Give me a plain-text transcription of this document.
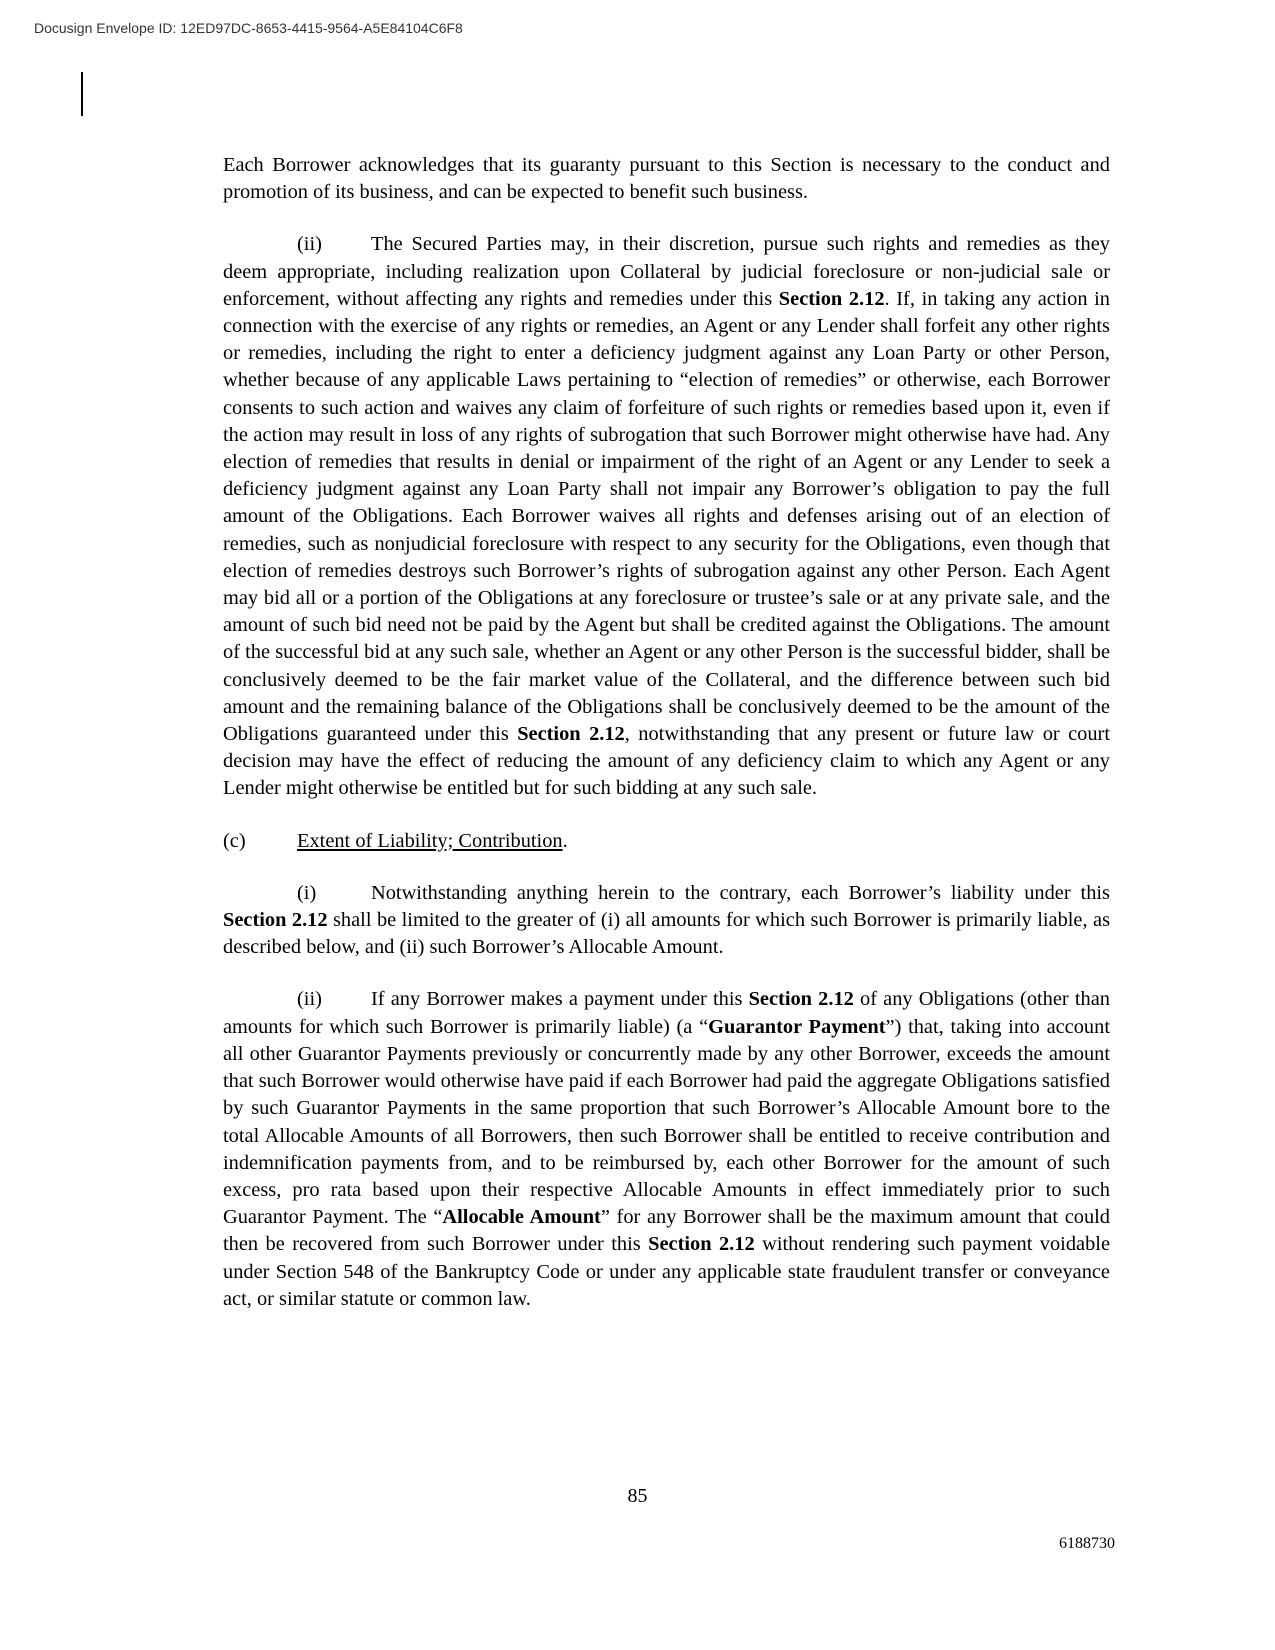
Docusign Envelope ID: 12ED97DC-8653-4415-9564-A5E84104C6F8

Each Borrower acknowledges that its guaranty pursuant to this Section is necessary to the conduct and promotion of its business, and can be expected to benefit such business.

(ii) The Secured Parties may, in their discretion, pursue such rights and remedies as they deem appropriate, including realization upon Collateral by judicial foreclosure or non-judicial sale or enforcement, without affecting any rights and remedies under this Section 2.12. If, in taking any action in connection with the exercise of any rights or remedies, an Agent or any Lender shall forfeit any other rights or remedies, including the right to enter a deficiency judgment against any Loan Party or other Person, whether because of any applicable Laws pertaining to “election of remedies” or otherwise, each Borrower consents to such action and waives any claim of forfeiture of such rights or remedies based upon it, even if the action may result in loss of any rights of subrogation that such Borrower might otherwise have had. Any election of remedies that results in denial or impairment of the right of an Agent or any Lender to seek a deficiency judgment against any Loan Party shall not impair any Borrower’s obligation to pay the full amount of the Obligations. Each Borrower waives all rights and defenses arising out of an election of remedies, such as nonjudicial foreclosure with respect to any security for the Obligations, even though that election of remedies destroys such Borrower’s rights of subrogation against any other Person. Each Agent may bid all or a portion of the Obligations at any foreclosure or trustee’s sale or at any private sale, and the amount of such bid need not be paid by the Agent but shall be credited against the Obligations. The amount of the successful bid at any such sale, whether an Agent or any other Person is the successful bidder, shall be conclusively deemed to be the fair market value of the Collateral, and the difference between such bid amount and the remaining balance of the Obligations shall be conclusively deemed to be the amount of the Obligations guaranteed under this Section 2.12, notwithstanding that any present or future law or court decision may have the effect of reducing the amount of any deficiency claim to which any Agent or any Lender might otherwise be entitled but for such bidding at any such sale.

(c)	Extent of Liability; Contribution.

(i)	Notwithstanding anything herein to the contrary, each Borrower’s liability under this Section 2.12 shall be limited to the greater of (i) all amounts for which such Borrower is primarily liable, as described below, and (ii) such Borrower’s Allocable Amount.

(ii) If any Borrower makes a payment under this Section 2.12 of any Obligations (other than amounts for which such Borrower is primarily liable) (a “Guarantor Payment”) that, taking into account all other Guarantor Payments previously or concurrently made by any other Borrower, exceeds the amount that such Borrower would otherwise have paid if each Borrower had paid the aggregate Obligations satisfied by such Guarantor Payments in the same proportion that such Borrower’s Allocable Amount bore to the total Allocable Amounts of all Borrowers, then such Borrower shall be entitled to receive contribution and indemnification payments from, and to be reimbursed by, each other Borrower for the amount of such excess, pro rata based upon their respective Allocable Amounts in effect immediately prior to such Guarantor Payment. The “Allocable Amount” for any Borrower shall be the maximum amount that could then be recovered from such Borrower under this Section 2.12 without rendering such payment voidable under Section 548 of the Bankruptcy Code or under any applicable state fraudulent transfer or conveyance act, or similar statute or common law.

85
6188730
